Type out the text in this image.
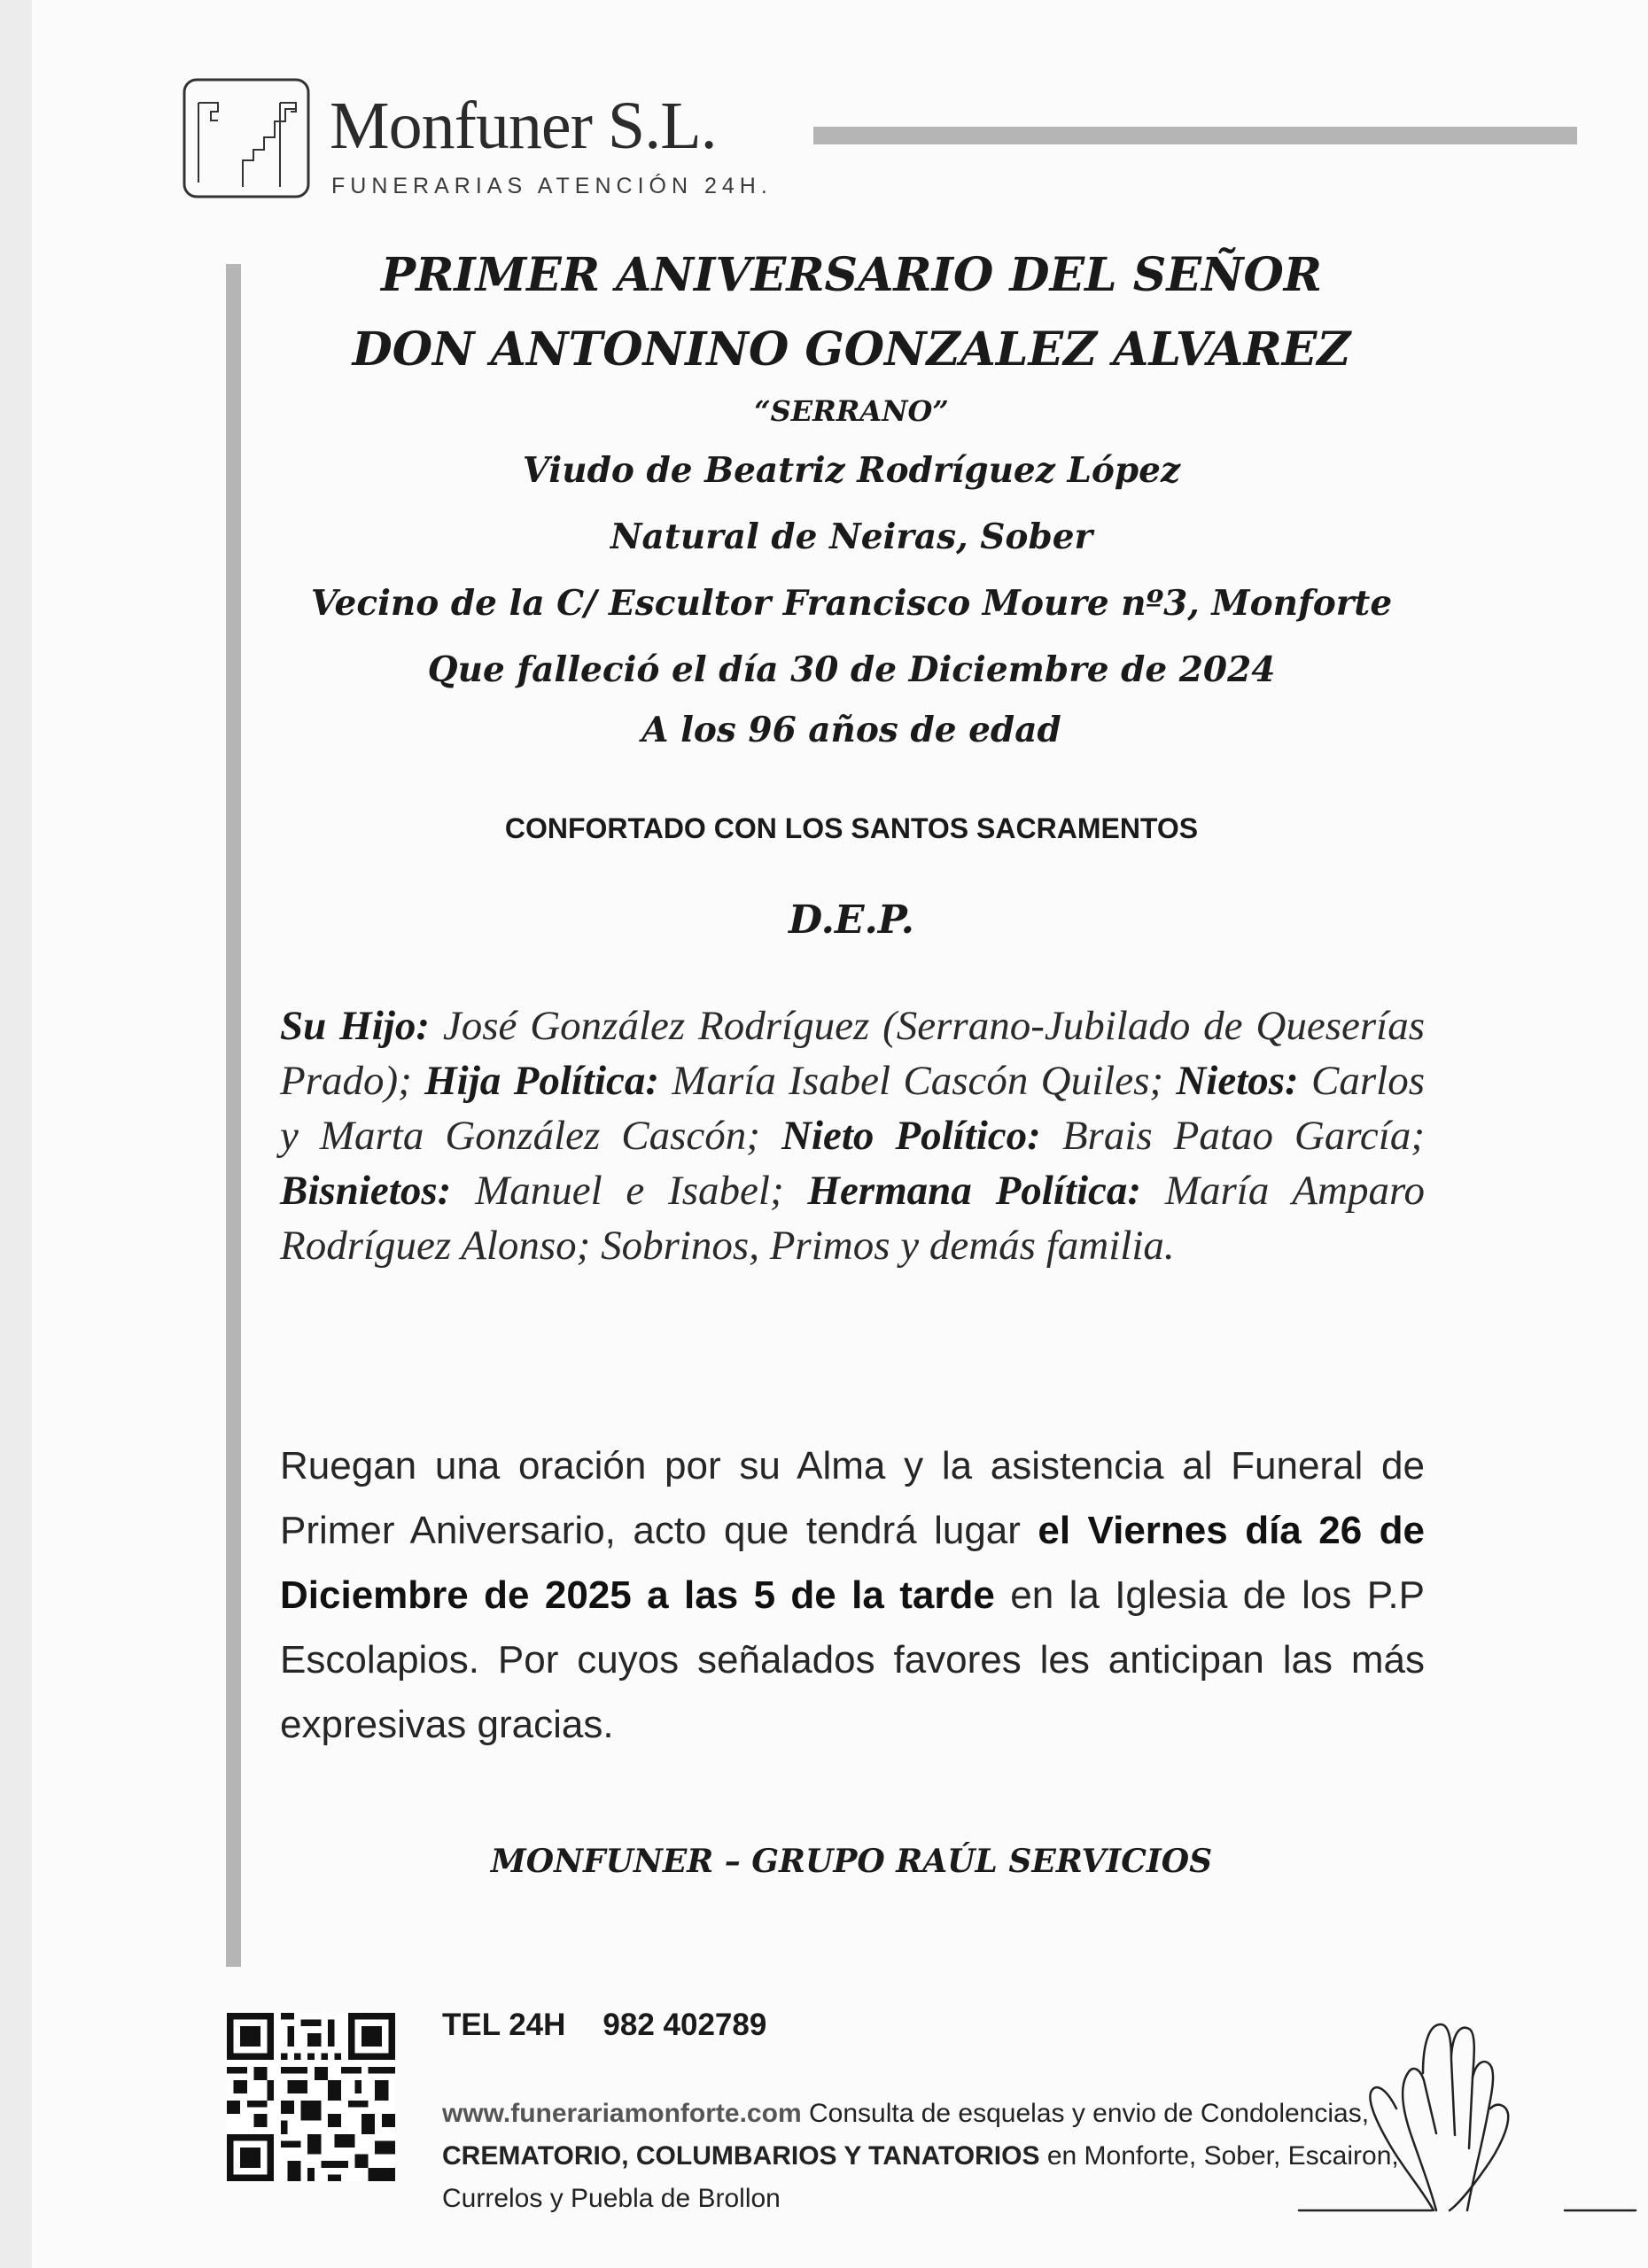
Monfuner S.L.
FUNERARIAS ATENCIÓN 24H.
PRIMER ANIVERSARIO DEL SEÑOR
DON ANTONINO GONZALEZ ALVAREZ
“SERRANO”
Viudo de Beatriz Rodríguez López
Natural de Neiras, Sober
Vecino de la C/ Escultor Francisco Moure nº3, Monforte
Que falleció el día 30 de Diciembre de 2024
A los 96 años de edad
CONFORTADO CON LOS SANTOS SACRAMENTOS
D.E.P.
Su Hijo: José González Rodríguez (Serrano-Jubilado de Queserías Prado); Hija Política: María Isabel Cascón Quiles; Nietos: Carlos y Marta González Cascón; Nieto Político: Brais Patao García; Bisnietos: Manuel e Isabel; Hermana Política: María Amparo Rodríguez Alonso; Sobrinos, Primos y demás familia.
Ruegan una oración por su Alma y la asistencia al Funeral de Primer Aniversario, acto que tendrá lugar el Viernes día 26 de Diciembre de 2025 a las 5 de la tarde en la Iglesia de los P.P Escolapios. Por cuyos señalados favores les anticipan las más expresivas gracias.
MONFUNER – GRUPO RAÚL SERVICIOS
TEL 24H 982 402789
www.funerariamonforte.com Consulta de esquelas y envio de Condolencias, CREMATORIO, COLUMBARIOS Y TANATORIOS en Monforte, Sober, Escairon, Currelos y Puebla de Brollon
